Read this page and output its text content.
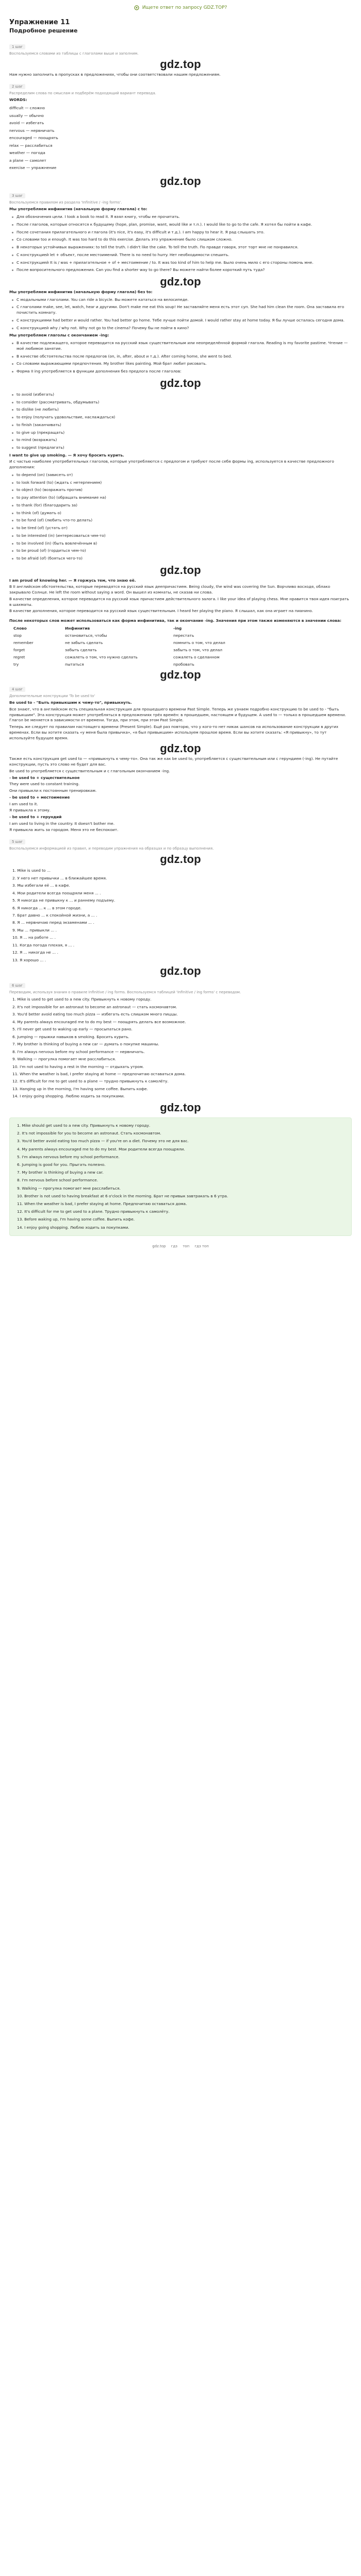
Ищете ответ по запросу GDZ.TOP?
Упражнение 11
Подробное решение
1 шаг
Воспользуемся словами из таблицы с глаголами выше и заполним.
gdz.top
Нам нужно заполнить в пропусках в предложениях, чтобы они соответствовали нашим предложениям.
2 шаг
Распределим слова по смыслам и подберём подходящий вариант перевода.
WORDS:
difficult — сложно
usually — обычно
avoid — избегать
nervous — нервничать
encouraged — поощрять
relax — расслабиться
weather — погода
a plane — самолет
exercise — упражнение
gdz.top
3 шаг
Воспользуемся правилом из раздела 'Infinitive / -ing forms'.
Мы употребляем инфинитив (начальную форму глагола) с to:
Для обозначения цели. I took a book to read it. Я взял книгу, чтобы ее прочитать.
После глаголов, которые относятся к будущему (hope, plan, promise, want, would like и т.п.). I would like to go to the cafe. Я хотел бы пойти в кафе.
После сочетания прилагательного и глагола (it's nice, it's easy, it's difficult и т.д.). I am happy to hear it. Я рад слышать это.
Со словами too и enough. It was too hard to do this exercise. Делать это упражнение было слишком сложно.
В некоторых устойчивых выражениях: to tell the truth. I didn't like the cake. To tell the truth. По правде говоря, этот торт мне не понравился.
С конструкцией let + объект, после местоимений. There is no need to hurry. Нет необходимости спешить.
С конструкцией It is / was + прилагательное + of + местоимение / to. It was too kind of him to help me. Было очень мило с его стороны помочь мне.
После вопросительного предложения. Can you find a shorter way to go there? Вы можете найти более короткий путь туда?
gdz.top
Мы употребляем инфинитив (начальную форму глагола) без to:
С модальными глаголами. You can ride a bicycle. Вы можете кататься на велосипеде.
С глаголами make, see, let, watch, hear и другими. Don't make me eat this soup! Не заставляйте меня есть этот суп. She had him clean the room. Она заставила его почистить комнату.
С конструкциями had better и would rather. You had better go home. Тебе лучше пойти домой. I would rather stay at home today. Я бы лучше осталась сегодня дома.
С конструкцией why / why not. Why not go to the cinema? Почему бы не пойти в кино?
Мы употребляем глаголы с окончанием -ing:
В качестве подлежащего, которое переводится на русский язык существительным или неопределённой формой глагола. Reading is my favorite pastime. Чтение — моё любимое занятие.
В качестве обстоятельства после предлогов (on, in, after, about и т.д.). After coming home, she went to bed.
Со словами выражающими предпочтения. My brother likes painting. Мой брат любит рисовать.
Форма II ing употребляется в функции дополнения без предлога после глаголов:
gdz.top
to avoid (избегать)
to consider (рассматривать, обдумывать)
to dislike (не любить)
to enjoy (получать удовольствие, наслаждаться)
to finish (заканчивать)
to give up (прекращать)
to mind (возражать)
to suggest (предлагать)
I want to give up smoking. — Я хочу бросить курить.
И с частью наиболее употребительных глаголов, которые употребляются с предлогом и требуют после себя формы ing, используется в качестве предложного дополнения:
to depend (on) (зависеть от)
to look forward (to) (ждать с нетерпением)
to object (to) (возражать против)
to pay attention (to) (обращать внимание на)
to thank (for) (благодарить за)
to think (of) (думать о)
to be fond (of) (любить что-то делать)
to be tired (of) (устать от)
to be interested (in) (интересоваться чем-то)
to be involved (in) (быть вовлечённым в)
to be proud (of) (гордиться чем-то)
to be afraid (of) (бояться чего-то)
gdz.top
I am proud of knowing her. — Я горжусь тем, что знаю её.
В II английском обстоятельства, которые переводятся на русский язык деепричастием. Being cloudy, the wind was covering the Sun. Ворчливо восходя, облако закрывало Солнце. He left the room without saying a word. Он вышел из комнаты, не сказав ни слова.
В качестве определения, которое переводится на русский язык причастием действительного залога. I like your idea of playing chess. Мне нравится твоя идея поиграть в шахматы.
В качестве дополнения, которое переводится на русский язык существительным. I heard her playing the piano. Я слышал, как она играет на пианино.
После некоторых слов может использоваться как форма инфинитива, так и окончание -ing. Значения при этом также изменяются в значении слова:
Слово	Инфинитив	-ing
stop	остановиться, чтобы	перестать
remember	не забыть сделать	помнить о том, что делал
forget	забыть сделать	забыть о том, что делал
regret	сожалеть о том, что нужно сделать	сожалеть о сделанном
try	пытаться	пробовать
gdz.top
4 шаг
Дополнительные конструкции 'To be used to'
Be used to - "Быть привыкшим к чему-то", привыкнуть.
Все знают, что в английском есть специальная конструкция для прошедшего времени Past Simple. Теперь же узнаем подробно конструкцию to be used to - "быть привыкшим". Эта конструкция может употребляться в предложениях трёх времён: в прошедшем, настоящем и будущем. А used to — только в прошедшем времени. Глагол be меняется в зависимости от времени. Тогда, при этом, при этом Past Simple.
Теперь же следует по правилам настоящего времени (Present Simple). Ещё раз повторю, что у кого-то нет никак шансов на использование конструкции в других временах. Если вы хотите сказать «у меня была привычка», «я был привыкшим» используем прошлое время. Если вы хотите сказать: «Я привыкну», то тут используйте будущее время.
gdz.top
Также есть конструкция get used to — «привыкнуть к чему-то». Она так же как be used to, употребляется с существительным или с герундием (-ing). Не путайте конструкции, пусть это слово не будет для вас.
Be used to употребляется с существительным и с глагольным окончанием -ing.
- be used to + существительное
They were used to constant training.
Они привыкли к постоянным тренировкам.
- be used to + местоимение
I am used to it.
Я привыкла к этому.
- be used to + герундий
I am used to living in the country. It doesn't bother me.
Я привыкла жить за городом. Меня это не беспокоит.
5 шаг
Воспользуемся информацией из правил, и переводим упражнения на образцах и по образцу выполнения.
gdz.top
1. Mike is used to ...
2. У него нет привычки ... в ближайшее время.
3. Мы избегали её ... в кафе.
4. Мои родители всегда поощряли меня ... .
5. Я никогда не привыкну к ... и раннему подъему.
6. Я никогда ... к ... в этом городе.
7. Брат давно ... к спокойной жизни, а ... .
8. Я ... нервничаю перед экзаменами ... .
9. Мы ... привыкли ... .
10. Я ... на работе ... .
11. Когда погода плохая, я ... .
12. Я ... никогда не ... .
13. Я хорошо ... .
gdz.top
6 шаг
Переводим, используя знания о правиле Infinitive / ing forms. Воспользуемся таблицей 'Infinitive / ing forms' с переводом.
1. Mike is used to get used to a new city. Привыкнуть к новому городу.
2. It's not impossible for an astronaut to become an astronaut — стать космонавтом.
3. You'd better avoid eating too much pizza — избегать есть слишком много пиццы.
4. My parents always encouraged me to do my best — поощрять делать все возможное.
5. I'll never get used to waking up early — просыпаться рано.
6. Jumping — прыжки навыков в smoking. Бросить курить.
7. My brother is thinking of buying a new car — думать о покупке машины.
8. I'm always nervous before my school performance — нервничать.
9. Walking — прогулка помогает мне расслабиться.
10. I'm not used to having a rest in the morning — отдыхать утром.
11. When the weather is bad, I prefer staying at home — предпочитаю оставаться дома.
12. It's difficult for me to get used to a plane — трудно привыкнуть к самолёту.
13. Hanging up in the morning, I'm having some coffee. Выпить кофе.
14. I enjoy going shopping. Люблю ходить за покупками.
gdz.top
1. Mike should get used to a new city. Привыкнуть к новому городу.
2. It's not impossible for you to become an astronaut. Стать космонавтом.
3. You'd better avoid eating too much pizza — if you're on a diet. Почему это не для вас.
4. My parents always encouraged me to do my best. Мои родители всегда поощряли.
5. I'm always nervous before my school performance.
6. Jumping is good for you. Прыгать полезно.
7. My brother is thinking of buying a new car.
8. I'm nervous before school performance.
9. Walking — прогулка помогает мне расслабиться.
10. Brother is not used to having breakfast at 6 o'clock in the morning. Брат не привык завтракать в 6 утра.
11. When the weather is bad, I prefer staying at home. Предпочитаю оставаться дома.
12. It's difficult for me to get used to a plane. Трудно привыкнуть к самолёту.
13. Before waking up, I'm having some coffee. Выпить кофе.
14. I enjoy going shopping. Люблю ходить за покупками.
gdz.top гдз топ гдз топ
